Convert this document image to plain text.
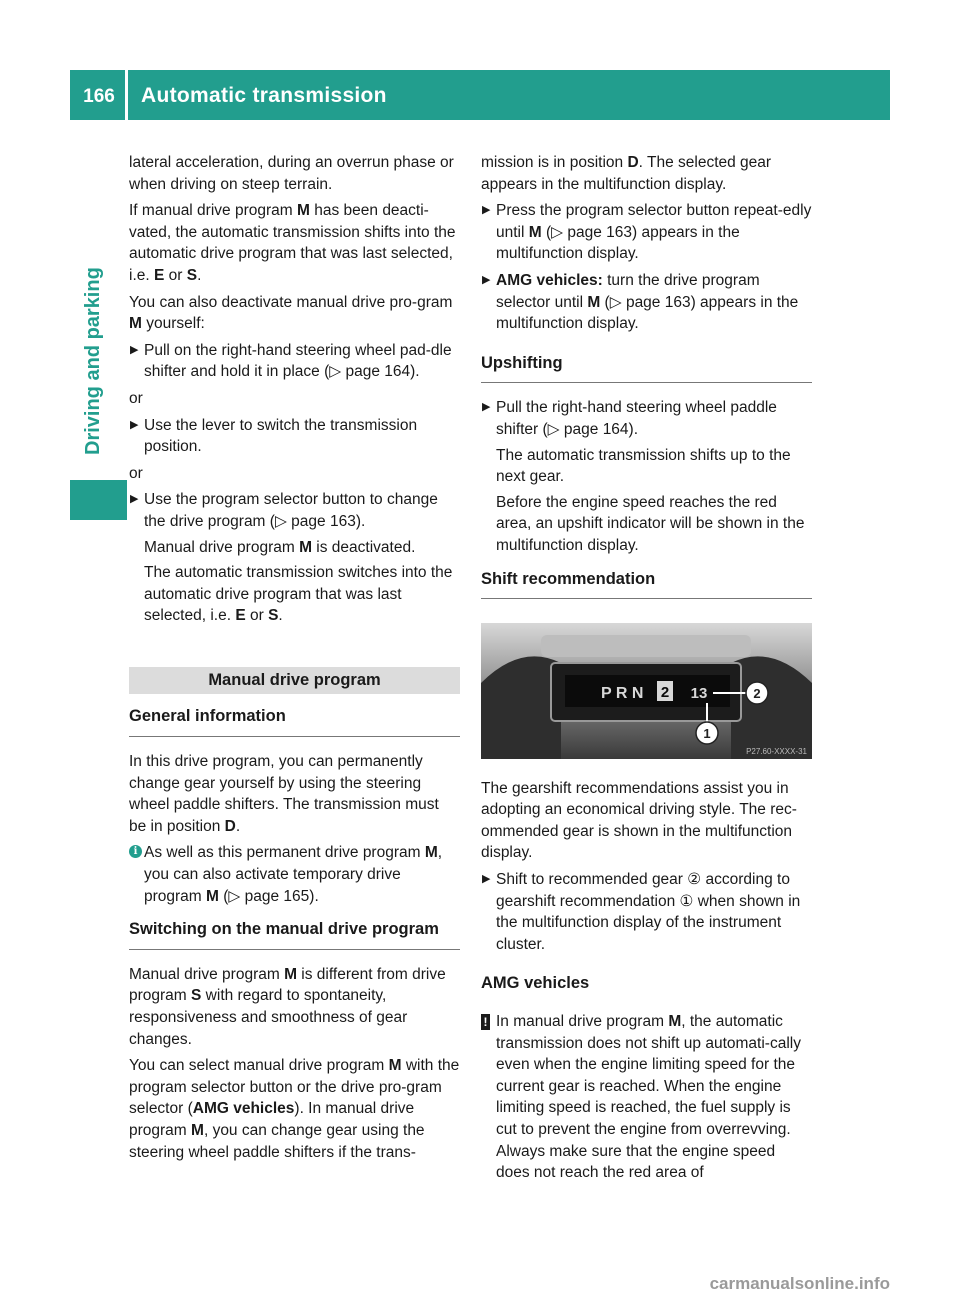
166	Automatic transmission
Driving and parking

lateral acceleration, during an overrun phase or when driving on steep terrain.

If manual drive program M has been deacti-vated, the automatic transmission shifts into the automatic drive program that was last selected, i.e. E or S.

You can also deactivate manual drive pro-gram M yourself:

▶ Pull on the right-hand steering wheel pad-dle shifter and hold it in place (▷ page 164).

or

▶ Use the lever to switch the transmission position.

or

▶ Use the program selector button to change the drive program (▷ page 163).

Manual drive program M is deactivated.

The automatic transmission switches into the automatic drive program that was last selected, i.e. E or S.

Manual drive program
General information

In this drive program, you can permanently change gear yourself by using the steering wheel paddle shifters. The transmission must be in position D.

i As well as this permanent drive program M, you can also activate temporary drive program M (▷ page 165).
Switching on the manual drive program

Manual drive program M is different from drive program S with regard to spontaneity, responsiveness and smoothness of gear changes.

You can select manual drive program M with the program selector button or the drive pro-gram selector (AMG vehicles). In manual drive program M, you can change gear using the steering wheel paddle shifters if the trans-

mission is in position D. The selected gear appears in the multifunction display.

▶ Press the program selector button repeat-edly until M (▷ page 163) appears in the multifunction display.

▶ AMG vehicles: turn the drive program selector until M (▷ page 163) appears in the multifunction display.

Upshifting
▶ Pull the right-hand steering wheel paddle shifter (▷ page 164).

The automatic transmission shifts up to the next gear.

Before the engine speed reaches the red area, an upshift indicator will be shown in the multifunction display.

Shift recommendation
P R N 2 13	2
1
P27.60-XXXX-31

The gearshift recommendations assist you in adopting an economical driving style. The rec-ommended gear is shown in the multifunction display.

▶ Shift to recommended gear ② according to gearshift recommendation ① when shown in the multifunction display of the instrument cluster.

AMG vehicles
! In manual drive program M, the automatic transmission does not shift up automati-cally even when the engine limiting speed for the current gear is reached. When the engine limiting speed is reached, the fuel supply is cut to prevent the engine from overrevving. Always make sure that the engine speed does not reach the red area of
carmanualsonline.info
